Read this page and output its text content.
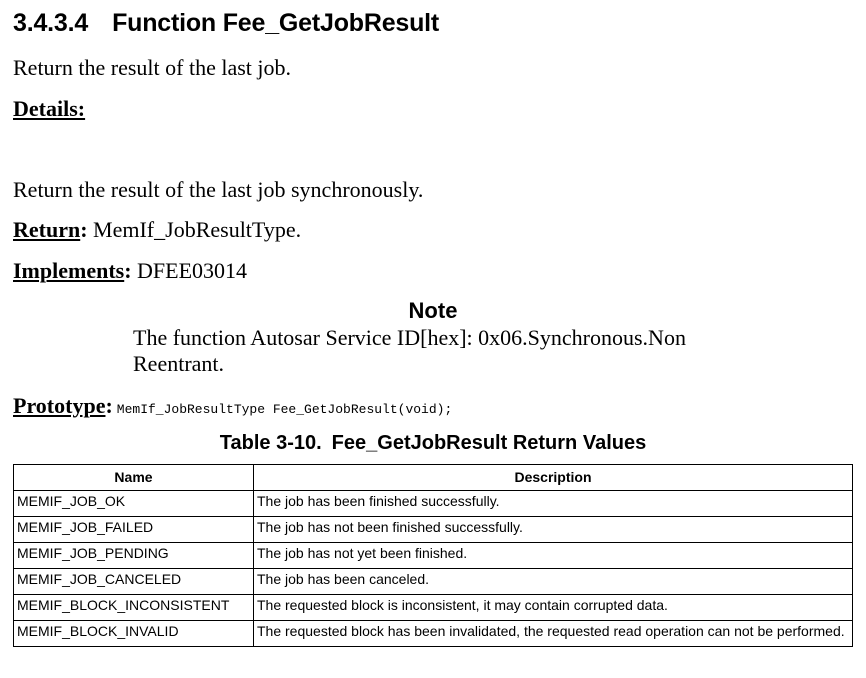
3.4.3.4 Function Fee_GetJobResult
Return the result of the last job.
Details:
Return the result of the last job synchronously.
Return: MemIf_JobResultType.
Implements: DFEE03014
Note
The function Autosar Service ID[hex]: 0x06.Synchronous.Non Reentrant.
Prototype: MemIf_JobResultType Fee_GetJobResult(void);
Table 3-10. Fee_GetJobResult Return Values
Name	Description
MEMIF_JOB_OK	The job has been finished successfully.
MEMIF_JOB_FAILED	The job has not been finished successfully.
MEMIF_JOB_PENDING	The job has not yet been finished.
MEMIF_JOB_CANCELED	The job has been canceled.
MEMIF_BLOCK_INCONSISTENT	The requested block is inconsistent, it may contain corrupted data.
MEMIF_BLOCK_INVALID	The requested block has been invalidated, the requested read operation can not be performed.
